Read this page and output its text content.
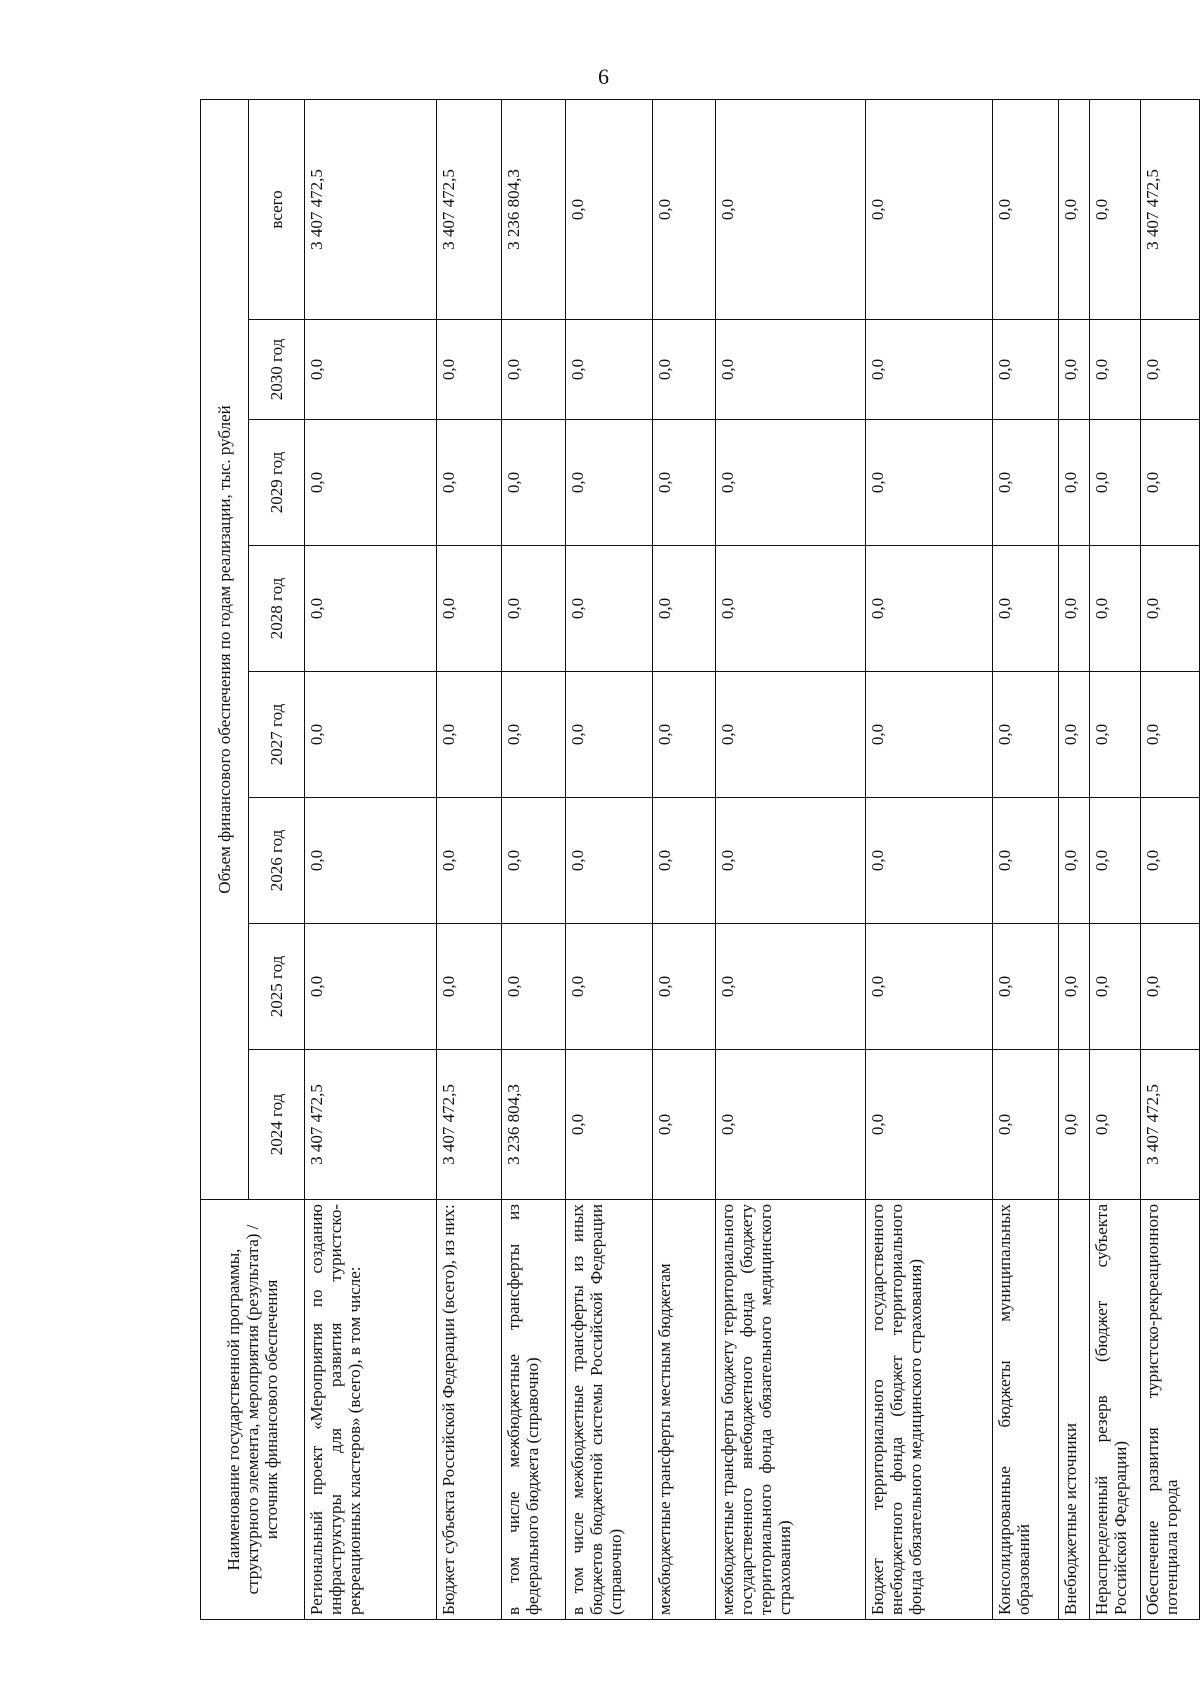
6
Наименование государственной программы, структурного элемента, мероприятия (результата) / источник финансового обеспечения	Объем финансового обеспечения по годам реализации, тыс. рублей							
	2024 год	2025 год	2026 год	2027 год	2028 год	2029 год	2030 год	всего
Региональный проект «Мероприятия по созданию инфраструктуры для развития туристско-рекреационных кластеров» (всего), в том числе:	3 407 472,5	0,0	0,0	0,0	0,0	0,0	0,0	3 407 472,5
Бюджет субъекта Российской Федерации (всего), из них:	3 407 472,5	0,0	0,0	0,0	0,0	0,0	0,0	3 407 472,5
в том числе межбюджетные трансферты из федерального бюджета (справочно)	3 236 804,3	0,0	0,0	0,0	0,0	0,0	0,0	3 236 804,3
в том числе межбюджетные трансферты из иных бюджетов бюджетной системы Российской Федерации (справочно)	0,0	0,0	0,0	0,0	0,0	0,0	0,0	0,0
межбюджетные трансферты местным бюджетам	0,0	0,0	0,0	0,0	0,0	0,0	0,0	0,0
межбюджетные трансферты бюджету территориального государственного внебюджетного фонда (бюджету территориального фонда обязательного медицинского страхования)	0,0	0,0	0,0	0,0	0,0	0,0	0,0	0,0
Бюджет территориального государственного внебюджетного фонда (бюджет территориального фонда обязательного медицинского страхования)	0,0	0,0	0,0	0,0	0,0	0,0	0,0	0,0
Консолидированные бюджеты муниципальных образований	0,0	0,0	0,0	0,0	0,0	0,0	0,0	0,0
Внебюджетные источники	0,0	0,0	0,0	0,0	0,0	0,0	0,0	0,0
Нераспределенный резерв (бюджет субъекта Российской Федерации)	0,0	0,0	0,0	0,0	0,0	0,0	0,0	0,0
Обеспечение развития туристско-рекреационного потенциала города	3 407 472,5	0,0	0,0	0,0	0,0	0,0	0,0	3 407 472,5
